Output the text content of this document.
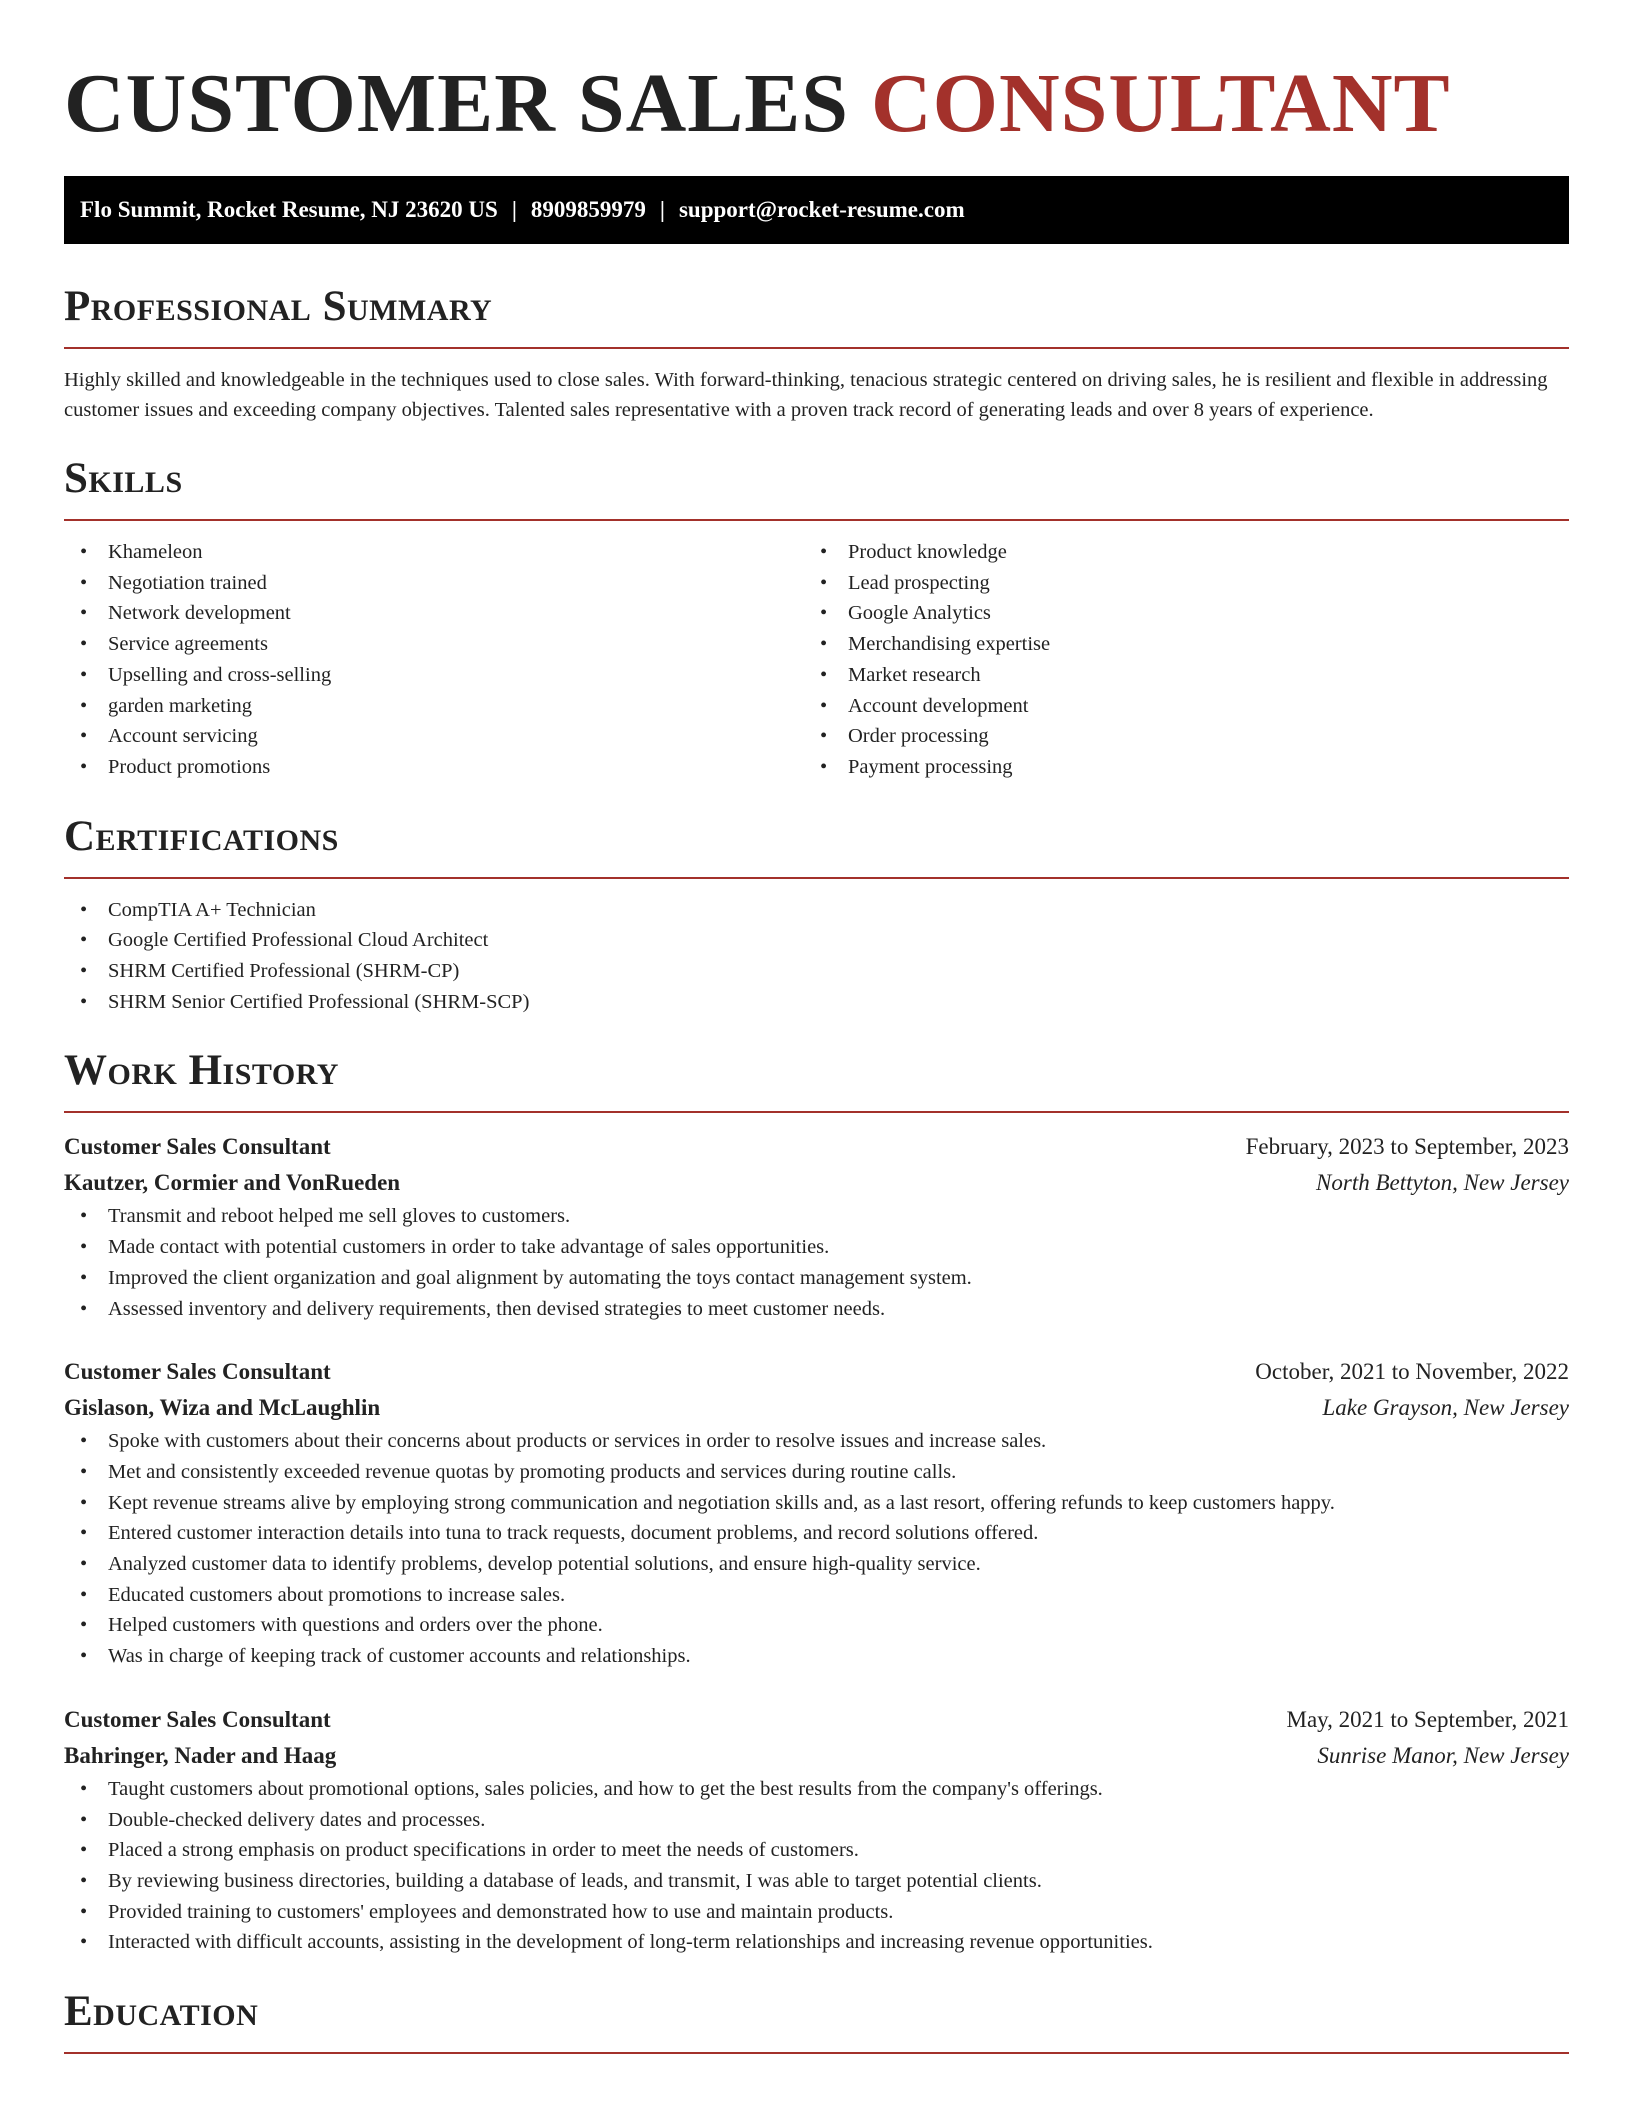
CUSTOMER SALES CONSULTANT
Flo Summit, Rocket Resume, NJ 23620 US | 8909859979 | support@rocket-resume.com
Professional Summary

Highly skilled and knowledgeable in the techniques used to close sales. With forward-thinking, tenacious strategic centered on driving sales, he is resilient and flexible in addressing customer issues and exceeding company objectives. Talented sales representative with a proven track record of generating leads and over 8 years of experience.

Skills
• Khameleon
• Negotiation trained
• Network development
• Service agreements
• Upselling and cross-selling
• garden marketing
• Account servicing
• Product promotions
• Product knowledge
• Lead prospecting
• Google Analytics
• Merchandising expertise
• Market research
• Account development
• Order processing
• Payment processing
Certifications
• CompTIA A+ Technician
• Google Certified Professional Cloud Architect
• SHRM Certified Professional (SHRM-CP)
• SHRM Senior Certified Professional (SHRM-SCP)
Work History
Customer Sales Consultant	February, 2023 to September, 2023
Kautzer, Cormier and VonRueden	North Bettyton, New Jersey
• Transmit and reboot helped me sell gloves to customers.
• Made contact with potential customers in order to take advantage of sales opportunities.
• Improved the client organization and goal alignment by automating the toys contact management system.
• Assessed inventory and delivery requirements, then devised strategies to meet customer needs.
Customer Sales Consultant	October, 2021 to November, 2022
Gislason, Wiza and McLaughlin	Lake Grayson, New Jersey
• Spoke with customers about their concerns about products or services in order to resolve issues and increase sales.
• Met and consistently exceeded revenue quotas by promoting products and services during routine calls.
• Kept revenue streams alive by employing strong communication and negotiation skills and, as a last resort, offering refunds to keep customers happy.
• Entered customer interaction details into tuna to track requests, document problems, and record solutions offered.
• Analyzed customer data to identify problems, develop potential solutions, and ensure high-quality service.
• Educated customers about promotions to increase sales.
• Helped customers with questions and orders over the phone.
• Was in charge of keeping track of customer accounts and relationships.
Customer Sales Consultant	May, 2021 to September, 2021
Bahringer, Nader and Haag	Sunrise Manor, New Jersey
• Taught customers about promotional options, sales policies, and how to get the best results from the company's offerings.
• Double-checked delivery dates and processes.
• Placed a strong emphasis on product specifications in order to meet the needs of customers.
• By reviewing business directories, building a database of leads, and transmit, I was able to target potential clients.
• Provided training to customers' employees and demonstrated how to use and maintain products.
• Interacted with difficult accounts, assisting in the development of long-term relationships and increasing revenue opportunities.
Education
